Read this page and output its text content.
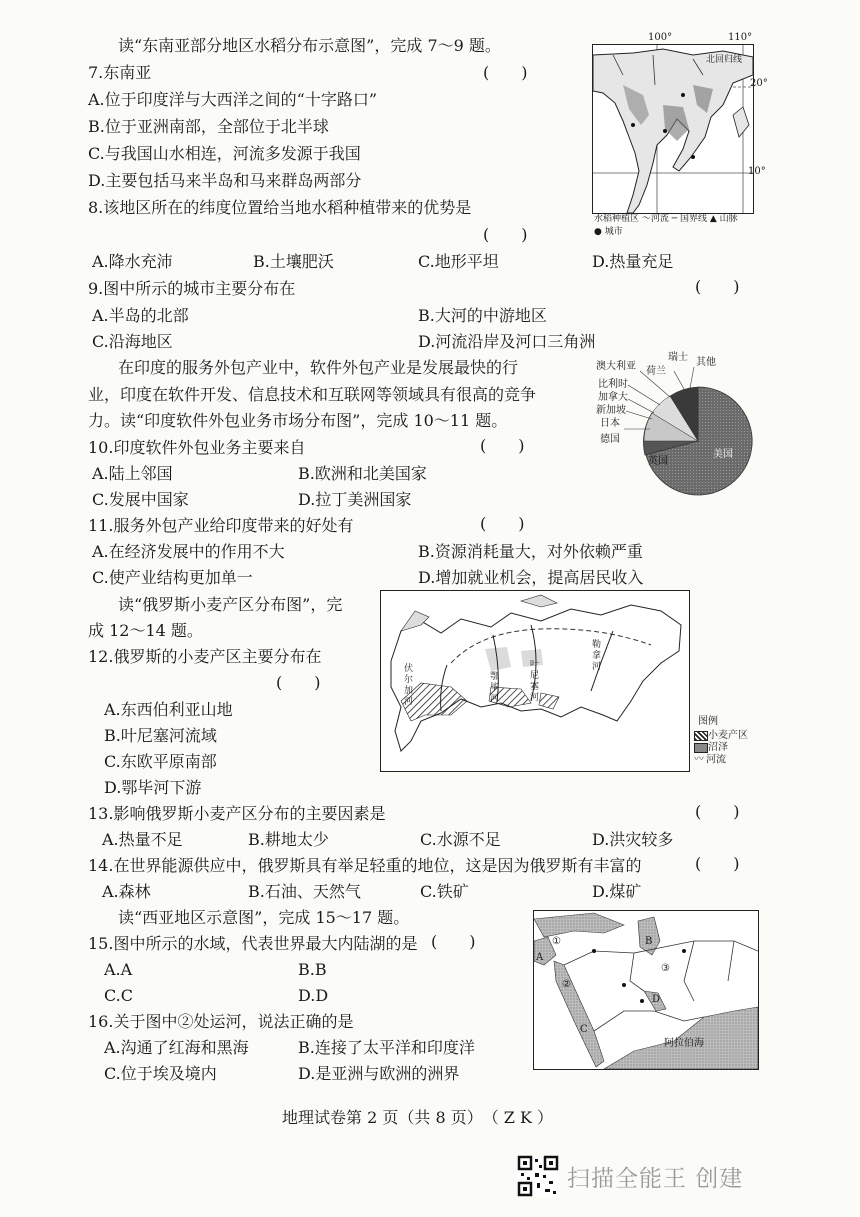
读“东南亚部分地区水稻分布示意图”，完成 7～9 题。
7.东南亚	(　　)
A.位于印度洋与大西洋之间的“十字路口”
B.位于亚洲南部，全部位于北半球
C.与我国山水相连，河流多发源于我国
D.主要包括马来半岛和马来群岛两部分
8.该地区所在的纬度位置给当地水稻种植带来的优势是
(　　)
A.降水充沛	B.土壤肥沃	C.地形平坦	D.热量充足
100°	110°
20°
10°
北回归线
水稻种植区 ～河流 ─ 国界线 ▲ 山脉
● 城市
9.图中所示的城市主要分布在	(　　)
A.半岛的北部	B.大河的中游地区
C.沿海地区	D.河流沿岸及河口三角洲
在印度的服务外包产业中，软件外包产业是发展最快的行
业，印度在软件开发、信息技术和互联网等领域具有很高的竞争
力。读“印度软件外包业务市场分布图”，完成 10～11 题。
澳大利亚 荷兰
瑞士 其他
比利时
加拿大
新加坡
日本
德国
英国
美国
10.印度软件外包业务主要来自	(　　)
A.陆上邻国	B.欧洲和北美国家
C.发展中国家	D.拉丁美洲国家
11.服务外包产业给印度带来的好处有	(　　)
A.在经济发展中的作用不大	B.资源消耗量大，对外依赖严重
C.使产业结构更加单一	D.增加就业机会，提高居民收入
读“俄罗斯小麦产区分布图”，完
成 12～14 题。
伏尔加河
鄂毕河
叶尼塞河
勒拿河
图例
小麦产区
沼泽
〰 河流
12.俄罗斯的小麦产区主要分布在
(　　)
A.东西伯利亚山地
B.叶尼塞河流域
C.东欧平原南部
D.鄂毕河下游
13.影响俄罗斯小麦产区分布的主要因素是	(　　)
A.热量不足	B.耕地太少	C.水源不足	D.洪灾较多
14.在世界能源供应中，俄罗斯具有举足轻重的地位，这是因为俄罗斯有丰富的	(　　)
A.森林	B.石油、天然气	C.铁矿	D.煤矿
读“西亚地区示意图”，完成 15～17 题。
①	B
③
②
A
C
D
阿拉伯海
15.图中所示的水域，代表世界最大内陆湖的是 (　　)
A.A	B.B
C.C	D.D
16.关于图中②处运河，说法正确的是
A.沟通了红海和黑海	B.连接了太平洋和印度洋
C.位于埃及境内	D.是亚洲与欧洲的洲界
地理试卷第 2 页（共 8 页）　（ Z K ）
扫描全能王 创建
